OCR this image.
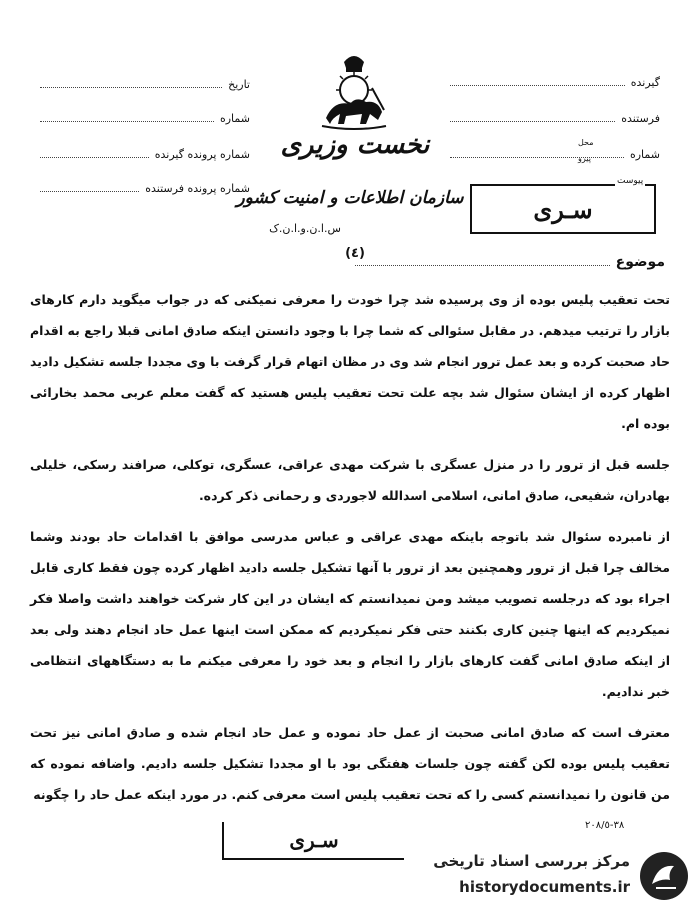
نخست وزیری
سازمان اطلاعات و امنیت کشور
س.ا.ن.و.ا.ن.ک
(٤)
تاریخ
شماره
شماره پرونده گیرنده
شماره پرونده فرستنده
گیرنده
فرستنده
شماره
محل
پیرو
سـری
پیوست
موضوع

تحت تعقیب پلیس بوده از وی پرسیده شد چرا خودت را معرفی نمیکنی که در جواب میگوید دارم کارهای بازار را ترتیب میدهم. در مقابل سئوالی که شما چرا با وجود دانستن اینکه صادق امانی قبلا راجع به اقدام حاد صحبت کرده و بعد عمل ترور انجام شد وی در مظان اتهام قرار گرفت با وی مجددا جلسه تشکیل دادید اظهار کرده از ایشان سئوال شد بچه علت تحت تعقیب پلیس هستید که گفت معلم عربی محمد بخارائی بوده ام.

جلسه قبل از ترور را در منزل عسگری با شرکت مهدی عراقی، عسگری، توکلی، صرافند رسکی، خلیلی بهادران، شفیعی، صادق امانی، اسلامی اسدالله لاجوردی و رحمانی ذکر کرده.

از نامبرده سئوال شد باتوجه باینکه مهدی عراقی و عباس مدرسی موافق با اقدامات حاد بودند وشما مخالف چرا قبل از ترور وهمچنین بعد از ترور با آنها تشکیل جلسه دادید اظهار کرده چون فقط کاری قابل اجراء بود که درجلسه تصویب میشد ومن نمیدانستم که ایشان در این کار شرکت خواهند داشت واصلا فکر نمیکردیم که اینها چنین کاری بکنند حتی فکر نمیکردیم که ممکن است اینها عمل حاد انجام دهند ولی بعد از اینکه صادق امانی گفت کارهای بازار را انجام و بعد خود را معرفی میکنم ما به دستگاههای انتظامی خبر ندادیم.

معترف است که صادق امانی صحبت از عمل حاد نموده و عمل حاد انجام شده و صادق امانی نیز تحت تعقیب پلیس بوده لکن گفته چون جلسات هفتگی بود با او مجددا تشکیل جلسه دادیم. واضافه نموده که من قانون را نمیدانستم کسی را که تحت تعقیب پلیس است معرفی کنم. در مورد اینکه عمل حاد را چگونه

سـری
٣٨-٢٠٨/٥
مرکز بررسی اسناد تاریخی
historydocuments.ir
